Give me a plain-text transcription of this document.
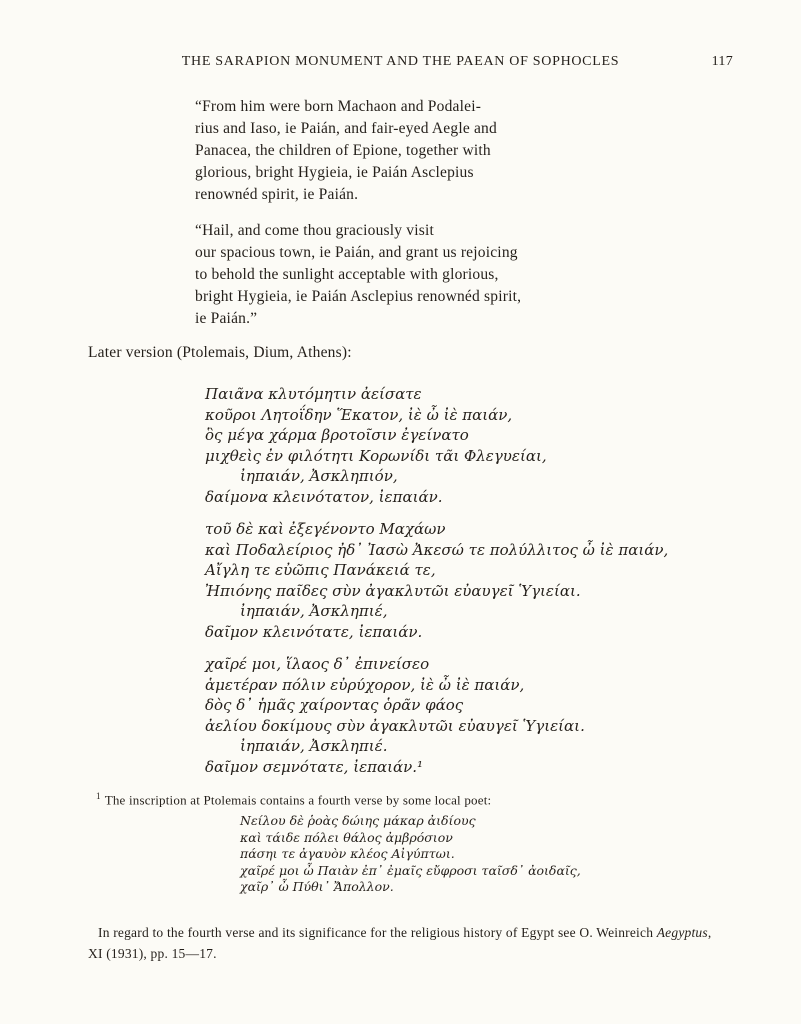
THE SARAPION MONUMENT AND THE PAEAN OF SOPHOCLES	117
“From him were born Machaon and Podalei-
rius and Iaso, ie Paián, and fair-eyed Aegle and
Panacea, the children of Epione, together with
glorious, bright Hygieia, ie Paián Asclepius
renownéd spirit, ie Paián.
“Hail, and come thou graciously visit
our spacious town, ie Paián, and grant us rejoicing
to behold the sunlight acceptable with glorious,
bright Hygieia, ie Paián Asclepius renownéd spirit,
ie Paián.”

Later version (Ptolemais, Dium, Athens):

Παιᾶνα κλυτόμητιν ἀείσατε
κοῦροι Λητοΐδην Ἕκατον, ἰὲ ὦ ἰὲ παιάν,
ὃς μέγα χάρμα βροτοῖσιν ἐγείνατο
μιχθεὶς ἐν φιλότητι Κορωνίδι τᾶι Φλεγυείαι,
ἰηπαιάν, Ἀσκληπιόν,
δαίμονα κλεινότατον, ἰεπαιάν.
τοῦ δὲ καὶ ἐξεγένοντο Μαχάων
καὶ Ποδαλείριος ἠδ᾽ Ἰασὼ Ἀκεσώ τε πολύλλιτος ὦ ἰὲ παιάν,
Αἴγλη τε εὐῶπις Πανάκειά τε,
Ἠπιόνης παῖδες σὺν ἀγακλυτῶι εὐαυγεῖ Ὑγιείαι.
ἰηπαιάν, Ἀσκληπιέ,
δαῖμον κλεινότατε, ἰεπαιάν.
χαῖρέ μοι, ἵλαος δ᾽ ἐπινείσεο
ἁμετέραν πόλιν εὐρύχορον, ἰὲ ὦ ἰὲ παιάν,
δὸς δ᾽ ἡμᾶς χαίροντας ὁρᾶν φάος
ἀελίου δοκίμους σὺν ἀγακλυτῶι εὐαυγεῖ Ὑγιείαι.
ἰηπαιάν, Ἀσκληπιέ.
δαῖμον σεμνότατε, ἰεπαιάν.¹

$^1$ The inscription at Ptolemais contains a fourth verse by some local poet:

Νείλου δὲ ῥοὰς δώιης μάκαρ ἀιδίους
καὶ τάιδε πόλει θάλος ἀμβρόσιον
πάσηι τε ἀγαυὸν κλέος Αἰγύπτωι.
χαῖρέ μοι ὦ Παιὰν ἐπ᾽ ἐμαῖς εὔφροσι ταῖσδ᾽ ἀοιδαῖς,
χαῖρ᾽ ὦ Πύθι᾽ Ἄπολλον.

In regard to the fourth verse and its significance for the religious history of Egypt see O. Weinreich Aegyptus, XI (1931), pp. 15—17.
